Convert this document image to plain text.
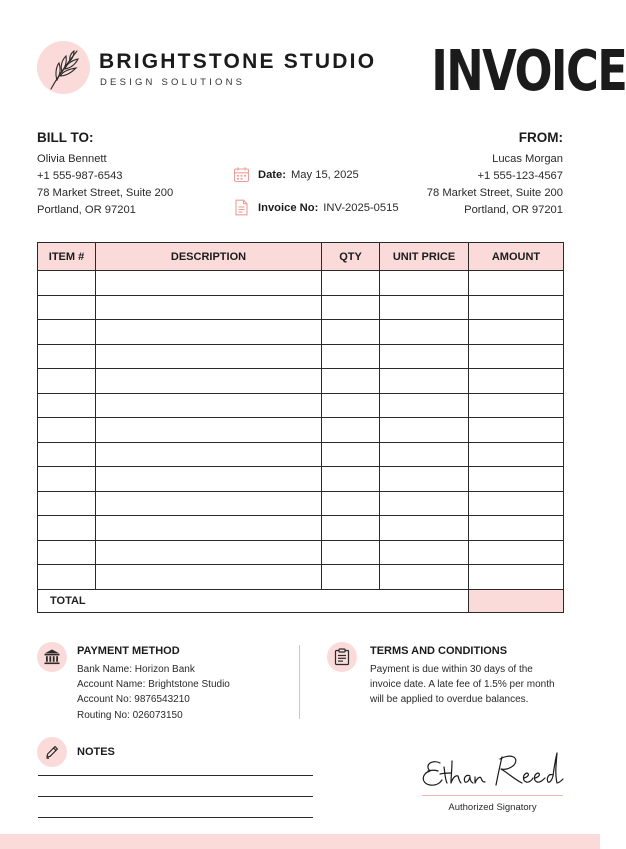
BRIGHTSTONE STUDIO
DESIGN SOLUTIONS	INVOICE
BILL TO:
Olivia Bennett
+1 555-987-6543
78 Market Street, Suite 200
Portland, OR 97201
FROM:
Lucas Morgan
+1 555-123-4567
78 Market Street, Suite 200
Portland, OR 97201
Date: May 15, 2025
Invoice No: INV-2025-0515
ITEM #	DESCRIPTION	QTY	UNIT PRICE	AMOUNT

TOTAL				
PAYMENT METHOD
Bank Name: Horizon Bank
Account Name: Brightstone Studio
Account No: 9876543210
Routing No: 026073150
TERMS AND CONDITIONS
Payment is due within 30 days of the
invoice date. A late fee of 1.5% per month
will be applied to overdue balances.
NOTES
Authorized Signatory
